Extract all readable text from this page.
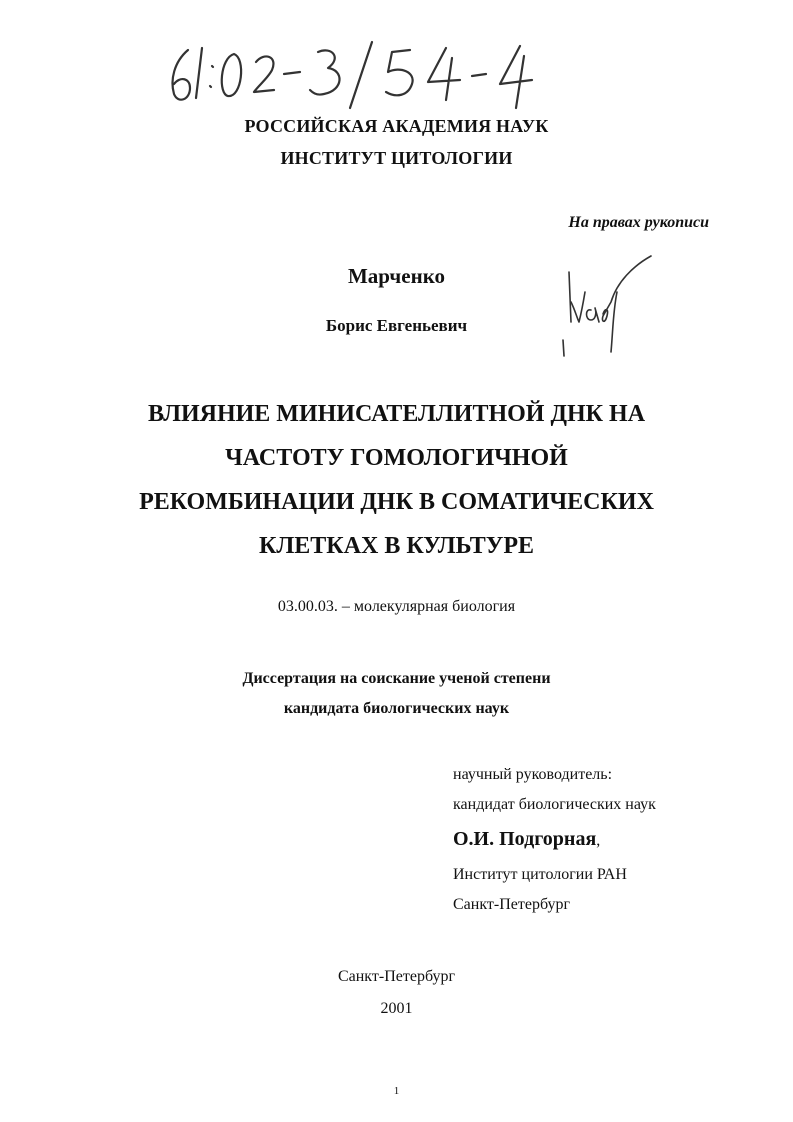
РОССИЙСКАЯ АКАДЕМИЯ НАУК
ИНСТИТУТ ЦИТОЛОГИИ
На правах рукописи
Марченко
Борис Евгеньевич
ВЛИЯНИЕ МИНИСАТЕЛЛИТНОЙ ДНК НА
ЧАСТОТУ ГОМОЛОГИЧНОЙ
РЕКОМБИНАЦИИ ДНК В СОМАТИЧЕСКИХ
КЛЕТКАХ В КУЛЬТУРЕ
03.00.03. – молекулярная биология
Диссертация на соискание ученой степени
кандидата биологических наук
научный руководитель:
кандидат биологических наук
О.И. Подгорная,
Институт цитологии РАН
Санкт-Петербург
Санкт-Петербург
2001
1
